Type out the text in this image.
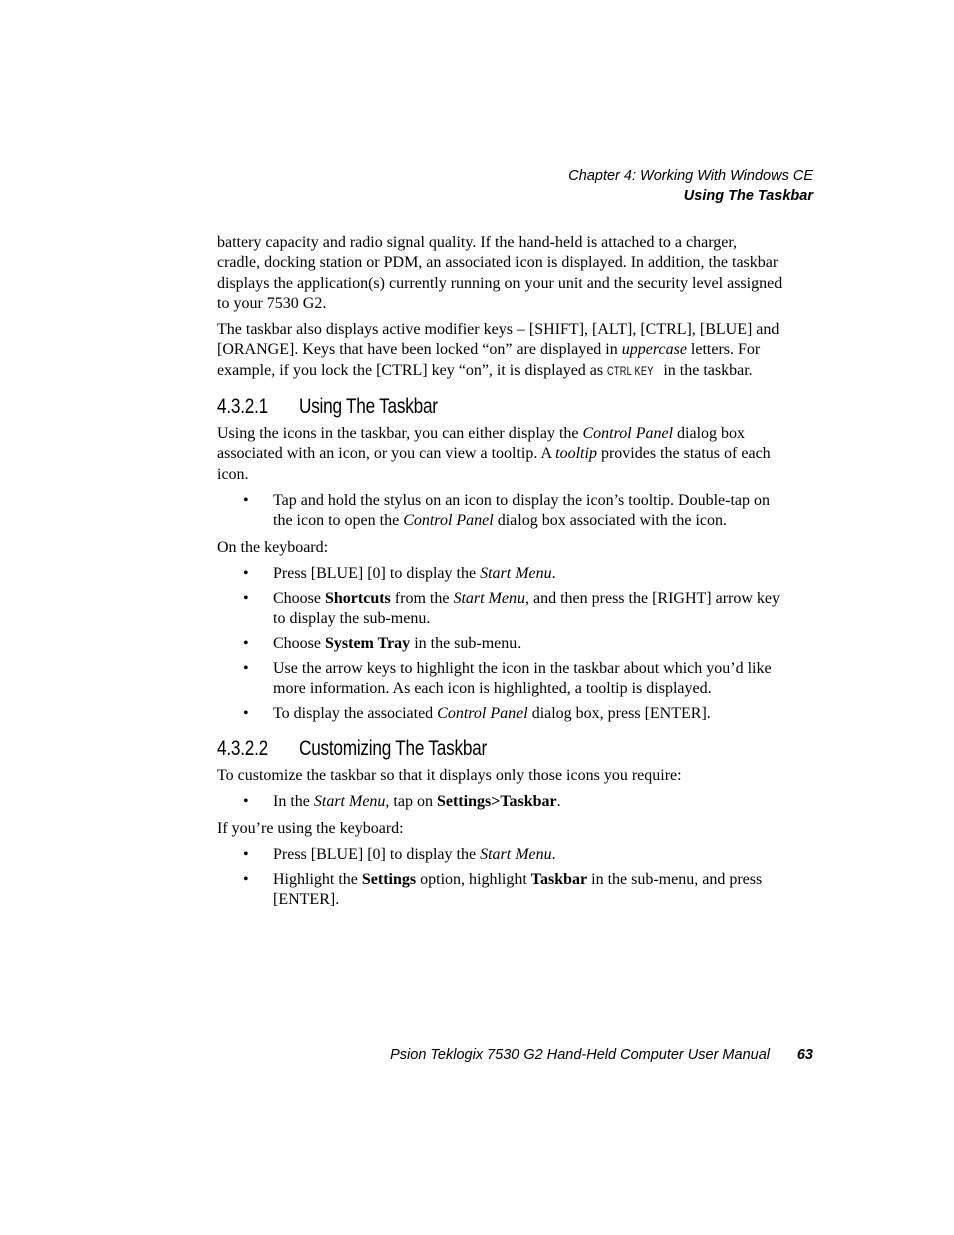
Chapter 4: Working With Windows CE
Using The Taskbar

battery capacity and radio signal quality. If the hand-held is attached to a charger, cradle, docking station or PDM, an associated icon is displayed. In addition, the taskbar displays the application(s) currently running on your unit and the security level assigned to your 7530 G2.

The taskbar also displays active modifier keys – [SHIFT], [ALT], [CTRL], [BLUE] and [ORANGE]. Keys that have been locked “on” are displayed in uppercase letters. For example, if you lock the [CTRL] key “on”, it is displayed as CTRL KEY in the taskbar.

4.3.2.1 Using The Taskbar

Using the icons in the taskbar, you can either display the Control Panel dialog box associated with an icon, or you can view a tooltip. A tooltip provides the status of each icon.

• Tap and hold the stylus on an icon to display the icon’s tooltip. Double-tap on the icon to open the Control Panel dialog box associated with the icon.

On the keyboard:

• Press [BLUE] [0] to display the Start Menu.
• Choose Shortcuts from the Start Menu, and then press the [RIGHT] arrow key to display the sub-menu.
• Choose System Tray in the sub-menu.
• Use the arrow keys to highlight the icon in the taskbar about which you’d like more information. As each icon is highlighted, a tooltip is displayed.
• To display the associated Control Panel dialog box, press [ENTER].
4.3.2.2 Customizing The Taskbar

To customize the taskbar so that it displays only those icons you require:

• In the Start Menu, tap on Settings>Taskbar.

If you’re using the keyboard:

• Press [BLUE] [0] to display the Start Menu.
• Highlight the Settings option, highlight Taskbar in the sub-menu, and press [ENTER].
Psion Teklogix 7530 G2 Hand-Held Computer User Manual 63
